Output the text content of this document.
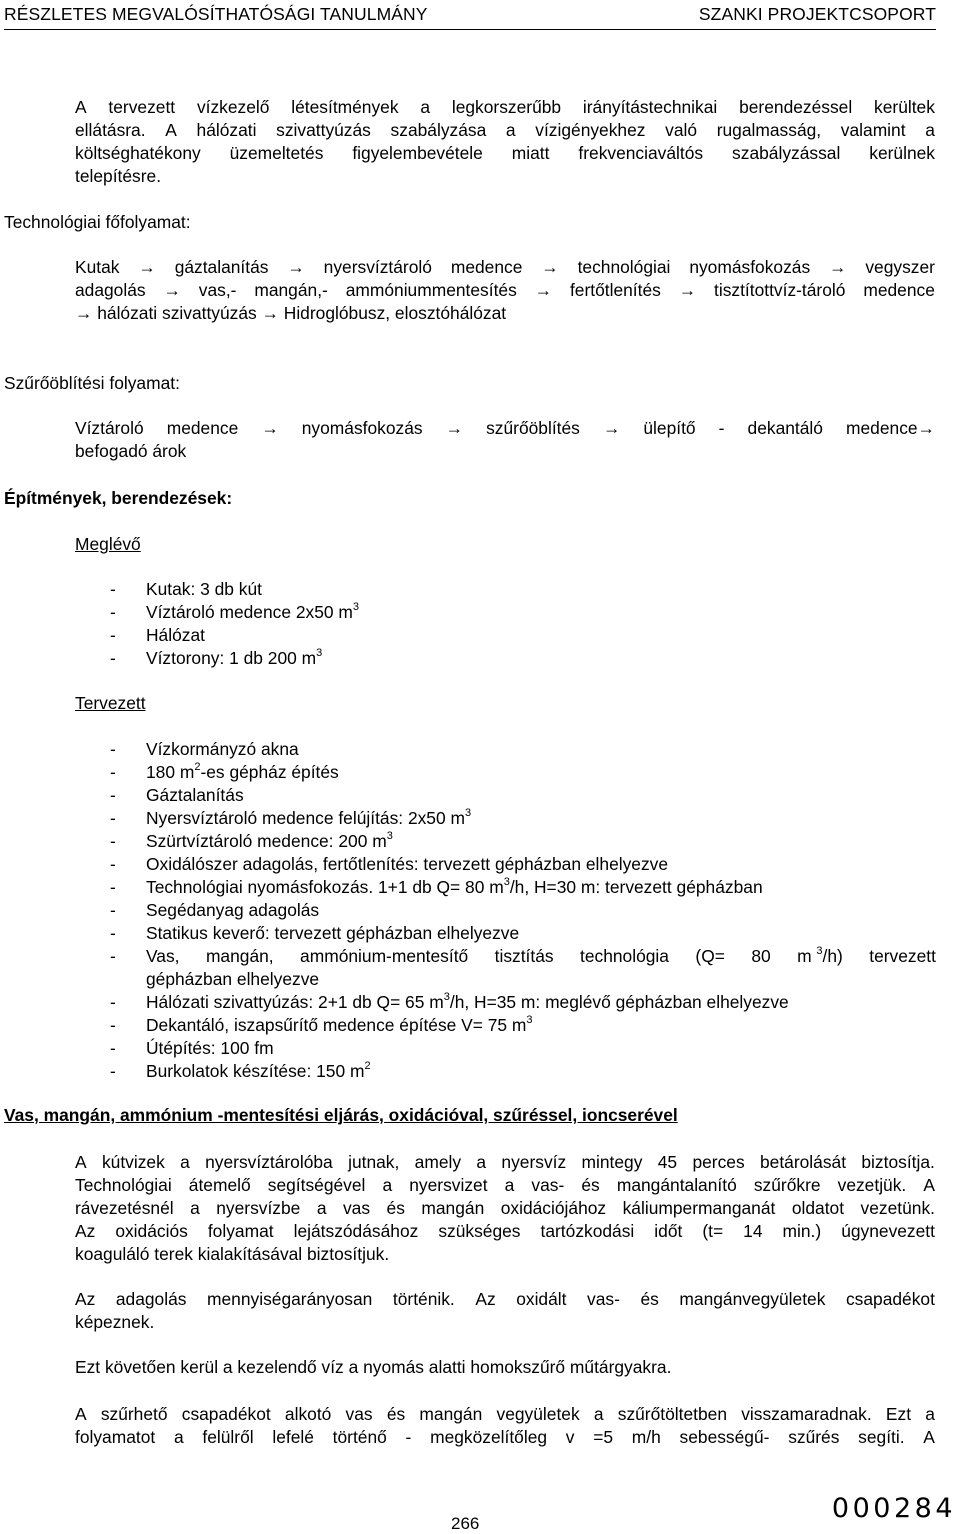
RÉSZLETES MEGVALÓSÍTHATÓSÁGI TANULMÁNY	SZANKI PROJEKTCSOPORT
A tervezett vízkezelő létesítmények a legkorszerűbb irányítástechnikai berendezéssel kerültek
ellátásra. A hálózati szivattyúzás szabályzása a vízigényekhez való rugalmasság, valamint a
költséghatékony üzemeltetés figyelembevétele miatt frekvenciaváltós szabályzással kerülnek
telepítésre.
Technológiai főfolyamat:
Kutak → gáztalanítás → nyersvíztároló medence → technológiai nyomásfokozás → vegyszer
adagolás → vas,- mangán,- ammóniummentesítés → fertőtlenítés → tisztítottvíz-tároló medence
→ hálózati szivattyúzás → Hidroglóbusz, elosztóhálózat
Szűrőöblítési folyamat:
Víztároló medence → nyomásfokozás → szűrőöblítés → ülepítő - dekantáló medence→
befogadó árok
Építmények, berendezések:
Meglévő
- Kutak: 3 db kút
- Víztároló medence 2x50 $m^3$
- Hálózat
- Víztorony: 1 db 200 $m^3$
Tervezett
- Vízkormányzó akna
- 180 $m^2-es$ gépház építés
- Gáztalanítás
- Nyersvíztároló medence felújítás: 2x50 $m^3$
- Szürtvíztároló medence: 200 $m^3$
- Oxidálószer adagolás, fertőtlenítés: tervezett gépházban elhelyezve
- Technológiai nyomásfokozás. 1+1 db Q= 80 $m^3/h$, H=30 m: tervezett gépházban
- Segédanyag adagolás
- Statikus keverő: tervezett gépházban elhelyezve
- Vas, mangán, ammónium-mentesítő tisztítás technológia (Q= 80 m $^3$/h) tervezett
gépházban elhelyezve
- Hálózati szivattyúzás: 2+1 db Q= 65 $m^3/h$, H=35 m: meglévő gépházban elhelyezve
- Dekantáló, iszapsűrítő medence építése V= 75 $m^3$
- Útépítés: 100 fm
- Burkolatok készítése: 150 $m^2$
Vas, mangán, ammónium -mentesítési eljárás, oxidációval, szűréssel, ioncserével
A kútvizek a nyersvíztárolóba jutnak, amely a nyersvíz mintegy 45 perces betárolását biztosítja.
Technológiai átemelő segítségével a nyersvizet a vas- és mangántalanító szűrőkre vezetjük. A
rávezetésnél a nyersvízbe a vas és mangán oxidációjához káliumpermanganát oldatot vezetünk.
Az oxidációs folyamat lejátszódásához szükséges tartózkodási időt (t= 14 min.) úgynevezett
koaguláló terek kialakításával biztosítjuk.
Az adagolás mennyiségarányosan történik. Az oxidált vas- és mangánvegyületek csapadékot
képeznek.
Ezt követően kerül a kezelendő víz a nyomás alatti homokszűrő műtárgyakra.
A szűrhető csapadékot alkotó vas és mangán vegyületek a szűrőtöltetben visszamaradnak. Ezt a
folyamatot a felülről lefelé történő - megközelítőleg v =5 m/h sebességű- szűrés segíti. A
266	000284
